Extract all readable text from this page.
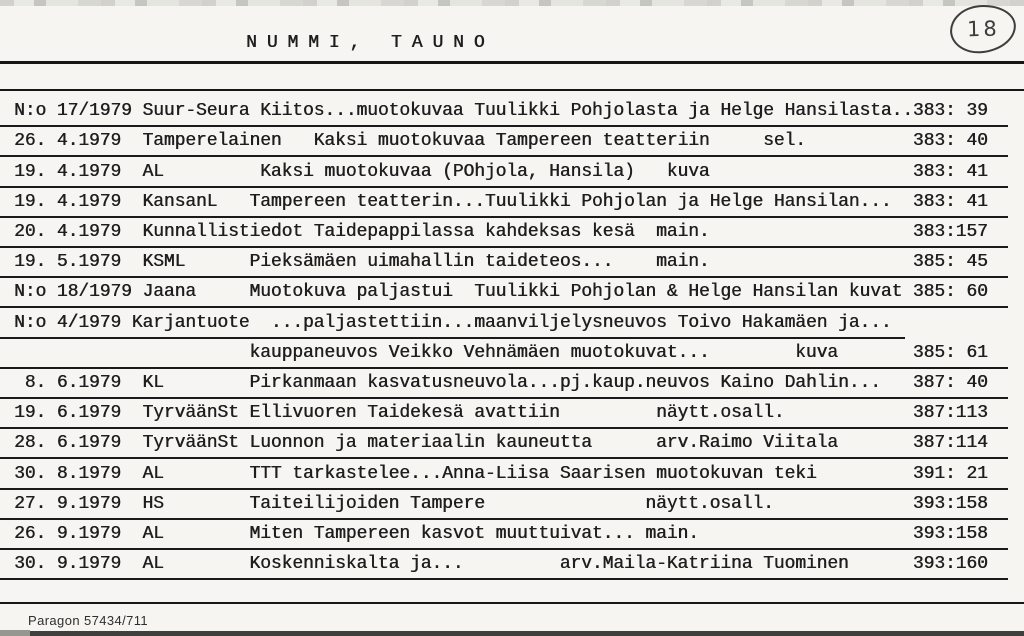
NUMMI, TAUNO
18
N:o 17/1979 Suur-Seura Kiitos...muotokuvaa Tuulikki Pohjolasta ja Helge Hansilasta.. 383: 39
26. 4.1979 Tamperelainen Kaksi muotokuvaa Tampereen teatteriin	sel.	383: 40
19. 4.1979 AL	Kaksi muotokuvaa (POhjola, Hansila) kuva	383: 41
19. 4.1979 KansanL Tampereen teatterin...Tuulikki Pohjolan ja Helge Hansilan... 383: 41
20. 4.1979 Kunnallistiedot Taidepappilassa kahdeksas kesä main.	383:157
19. 5.1979 KSML	Pieksämäen uimahallin taideteos... main.	385: 45
N:o 18/1979 Jaana	Muotokuva paljastui  Tuulikki Pohjolan & Helge Hansilan kuvat 385: 60
N:o 4/1979 Karjantuote ...paljastettiin...maanviljelysneuvos Toivo Hakamäen ja...
kauppaneuvos Veikko Vehnämäen muotokuvat...	kuva	385: 61
8. 6.1979 KL	Pirkanmaan kasvatusneuvola...pj.kaup.neuvos Kaino Dahlin... 387: 40
19. 6.1979 TyrväänSt Ellivuoren Taidekesä avattiin	näytt.osall.	387:113
28. 6.1979 TyrväänSt Luonnon ja materiaalin kauneutta	arv.Raimo Viitala	387:114
30. 8.1979 AL	TTT tarkastelee...Anna-Liisa Saarisen muotokuvan teki	391: 21
27. 9.1979 HS	Taiteilijoiden Tampere	näytt.osall.	393:158
26. 9.1979 AL	Miten Tampereen kasvot muuttuivat... main.	393:158
30. 9.1979 AL	Koskenniskalta ja...	arv.Maila-Katriina Tuominen	393:160
Paragon 57434/711
